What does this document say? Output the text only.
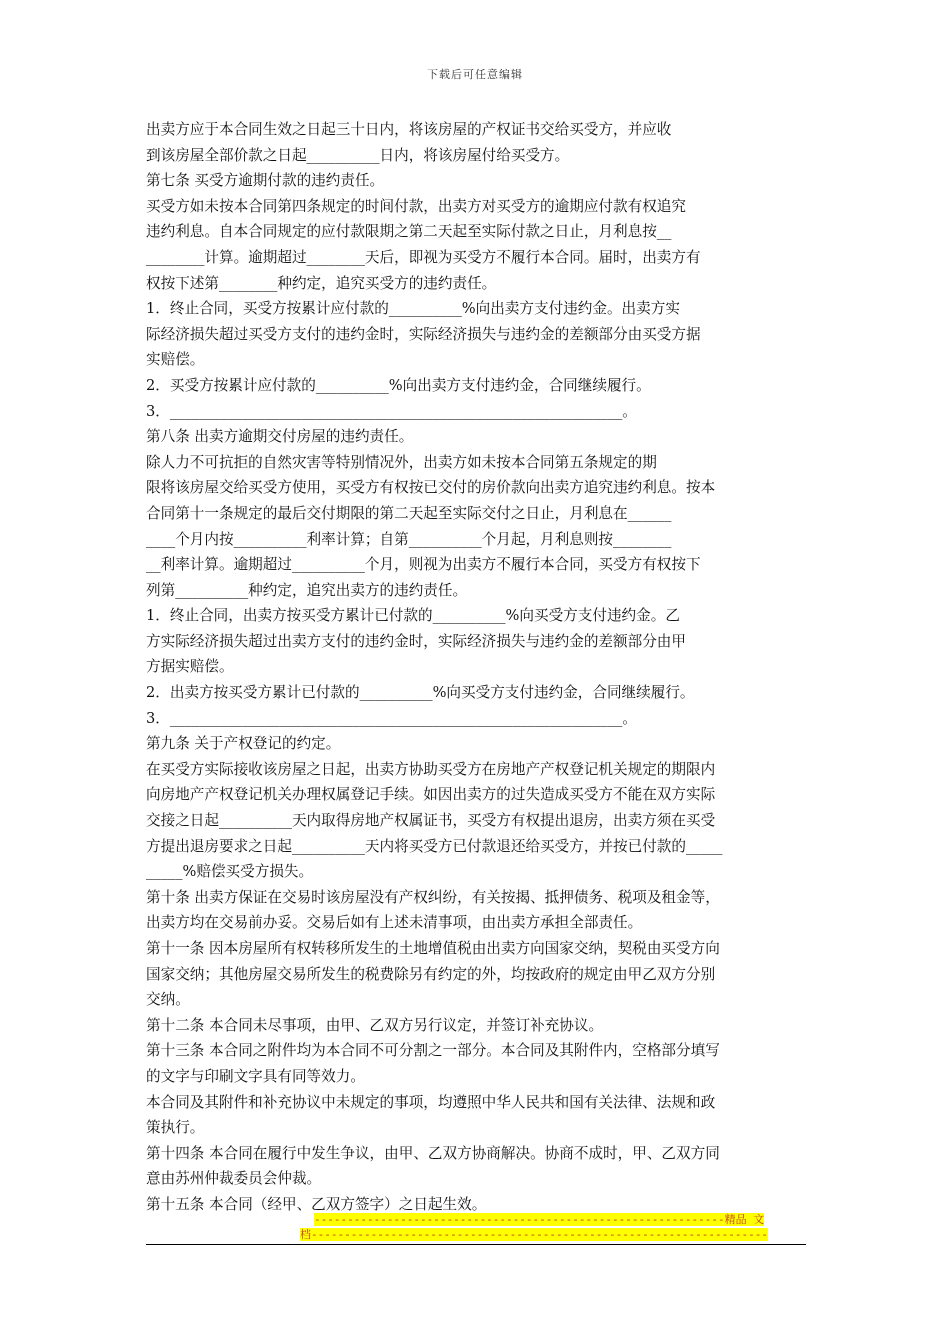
下载后可任意编辑
出卖方应于本合同生效之日起三十日内，将该房屋的产权证书交给买受方，并应收
到该房屋全部价款之日起__________日内，将该房屋付给买受方。
第七条 买受方逾期付款的违约责任。
买受方如未按本合同第四条规定的时间付款，出卖方对买受方的逾期应付款有权追究
违约利息。自本合同规定的应付款限期之第二天起至实际付款之日止，月利息按__
________计算。逾期超过________天后，即视为买受方不履行本合同。届时，出卖方有
权按下述第________种约定，追究买受方的违约责任。
1．终止合同，买受方按累计应付款的__________%向出卖方支付违约金。出卖方实
际经济损失超过买受方支付的违约金时，实际经济损失与违约金的差额部分由买受方据
实赔偿。
2．买受方按累计应付款的__________%向出卖方支付违约金，合同继续履行。
3．______________________________________________________________。
第八条 出卖方逾期交付房屋的违约责任。
除人力不可抗拒的自然灾害等特别情况外，出卖方如未按本合同第五条规定的期
限将该房屋交给买受方使用，买受方有权按已交付的房价款向出卖方追究违约利息。按本
合同第十一条规定的最后交付期限的第二天起至实际交付之日止，月利息在______
____个月内按__________利率计算；自第__________个月起，月利息则按________
__利率计算。逾期超过__________个月，则视为出卖方不履行本合同，买受方有权按下
列第__________种约定，追究出卖方的违约责任。
1．终止合同，出卖方按买受方累计已付款的__________%向买受方支付违约金。乙
方实际经济损失超过出卖方支付的违约金时，实际经济损失与违约金的差额部分由甲
方据实赔偿。
2．出卖方按买受方累计已付款的__________%向买受方支付违约金，合同继续履行。
3．______________________________________________________________。
第九条 关于产权登记的约定。
在买受方实际接收该房屋之日起，出卖方协助买受方在房地产产权登记机关规定的期限内
向房地产产权登记机关办理权属登记手续。如因出卖方的过失造成买受方不能在双方实际
交接之日起__________天内取得房地产权属证书，买受方有权提出退房，出卖方须在买受
方提出退房要求之日起__________天内将买受方已付款退还给买受方，并按已付款的_____
_____%赔偿买受方损失。
第十条 出卖方保证在交易时该房屋没有产权纠纷，有关按揭、抵押债务、税项及租金等，
出卖方均在交易前办妥。交易后如有上述未清事项，由出卖方承担全部责任。
第十一条 因本房屋所有权转移所发生的土地增值税由出卖方向国家交纳，契税由买受方向
国家交纳；其他房屋交易所发生的税费除另有约定的外，均按政府的规定由甲乙双方分别
交纳。
第十二条 本合同未尽事项，由甲、乙双方另行议定，并签订补充协议。
第十三条 本合同之附件均为本合同不可分割之一部分。本合同及其附件内，空格部分填写
的文字与印刷文字具有同等效力。
本合同及其附件和补充协议中未规定的事项，均遵照中华人民共和国有关法律、法规和政
策执行。
第十四条 本合同在履行中发生争议，由甲、乙双方协商解决。协商不成时，甲、乙双方同
意由苏州仲裁委员会仲裁。
第十五条 本合同（经甲、乙双方签字）之日起生效。
--------------------------------------------------------------精品 文
档---------------------------------------------------------------------
